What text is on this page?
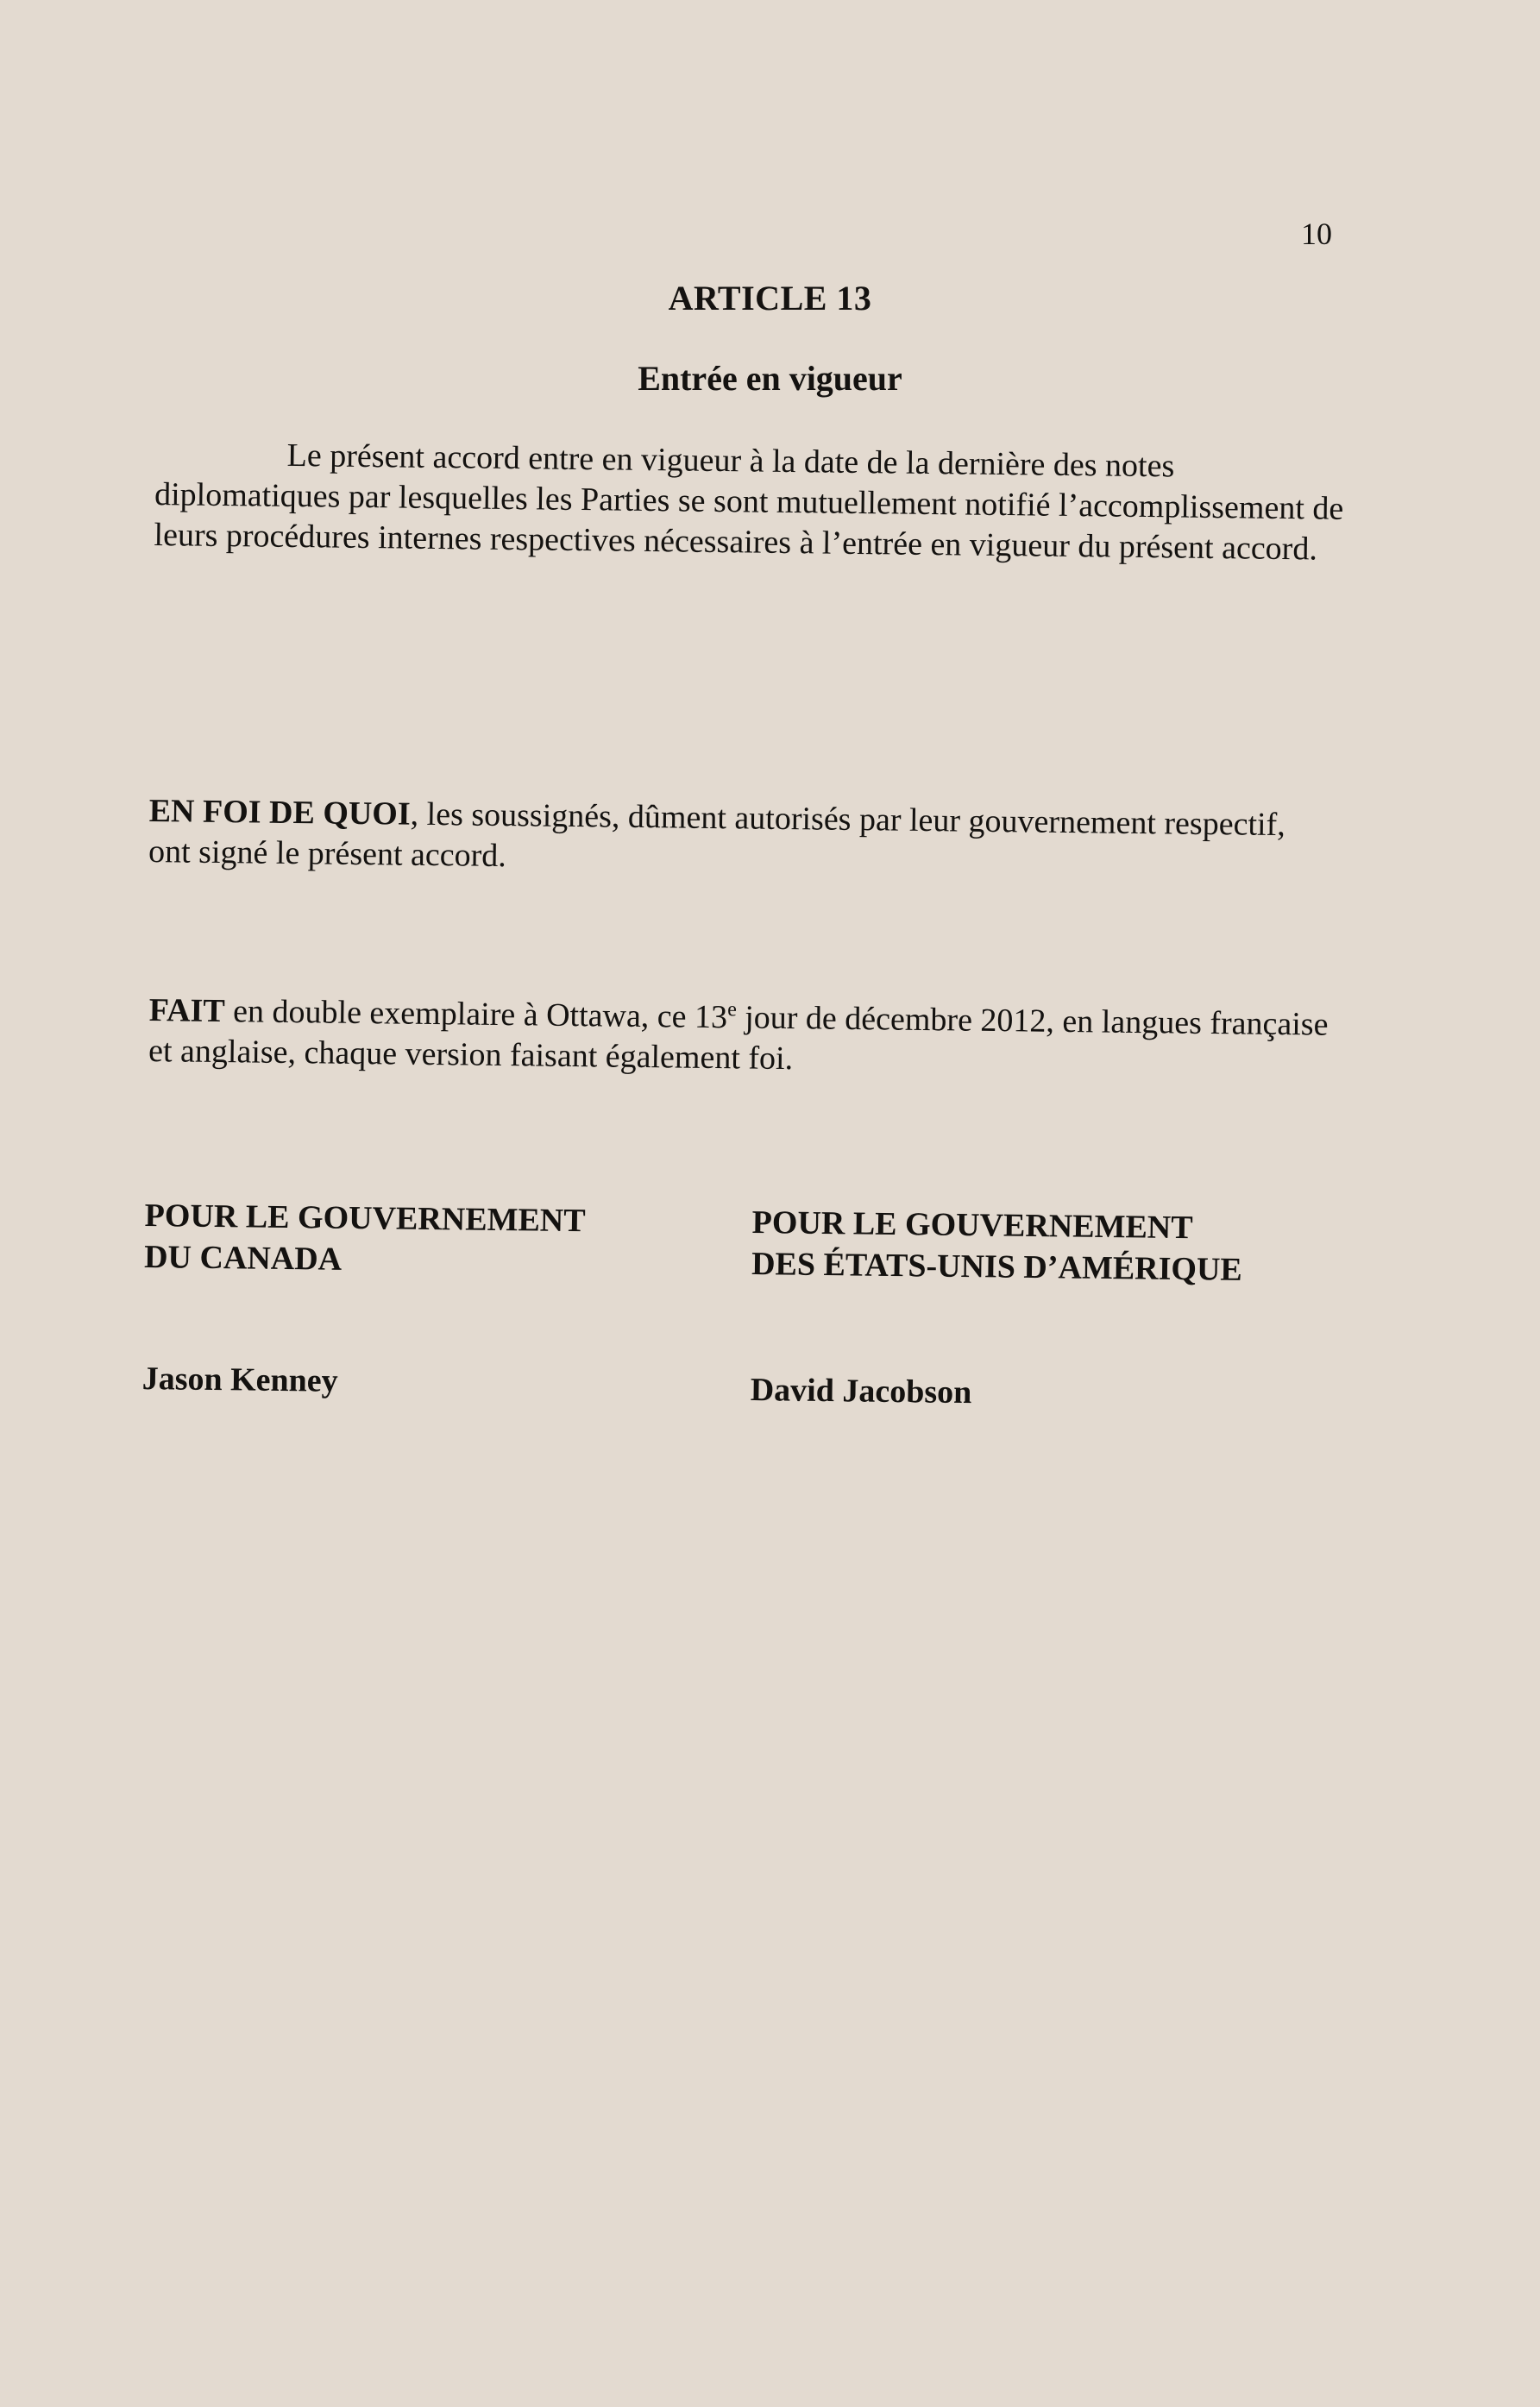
10
ARTICLE 13
Entrée en vigueur

Le présent accord entre en vigueur à la date de la dernière des notes diplomatiques par lesquelles les Parties se sont mutuellement notifié l’accomplissement de leurs procédures internes respectives nécessaires à l’entrée en vigueur du présent accord.

EN FOI DE QUOI, les soussignés, dûment autorisés par leur gouvernement respectif, ont signé le présent accord.

FAIT en double exemplaire à Ottawa, ce 13e jour de décembre 2012, en langues française et anglaise, chaque version faisant également foi.

POUR LE GOUVERNEMENT
DU CANADA
POUR LE GOUVERNEMENT
DES ÉTATS-UNIS D’AMÉRIQUE
Jason Kenney	David Jacobson
